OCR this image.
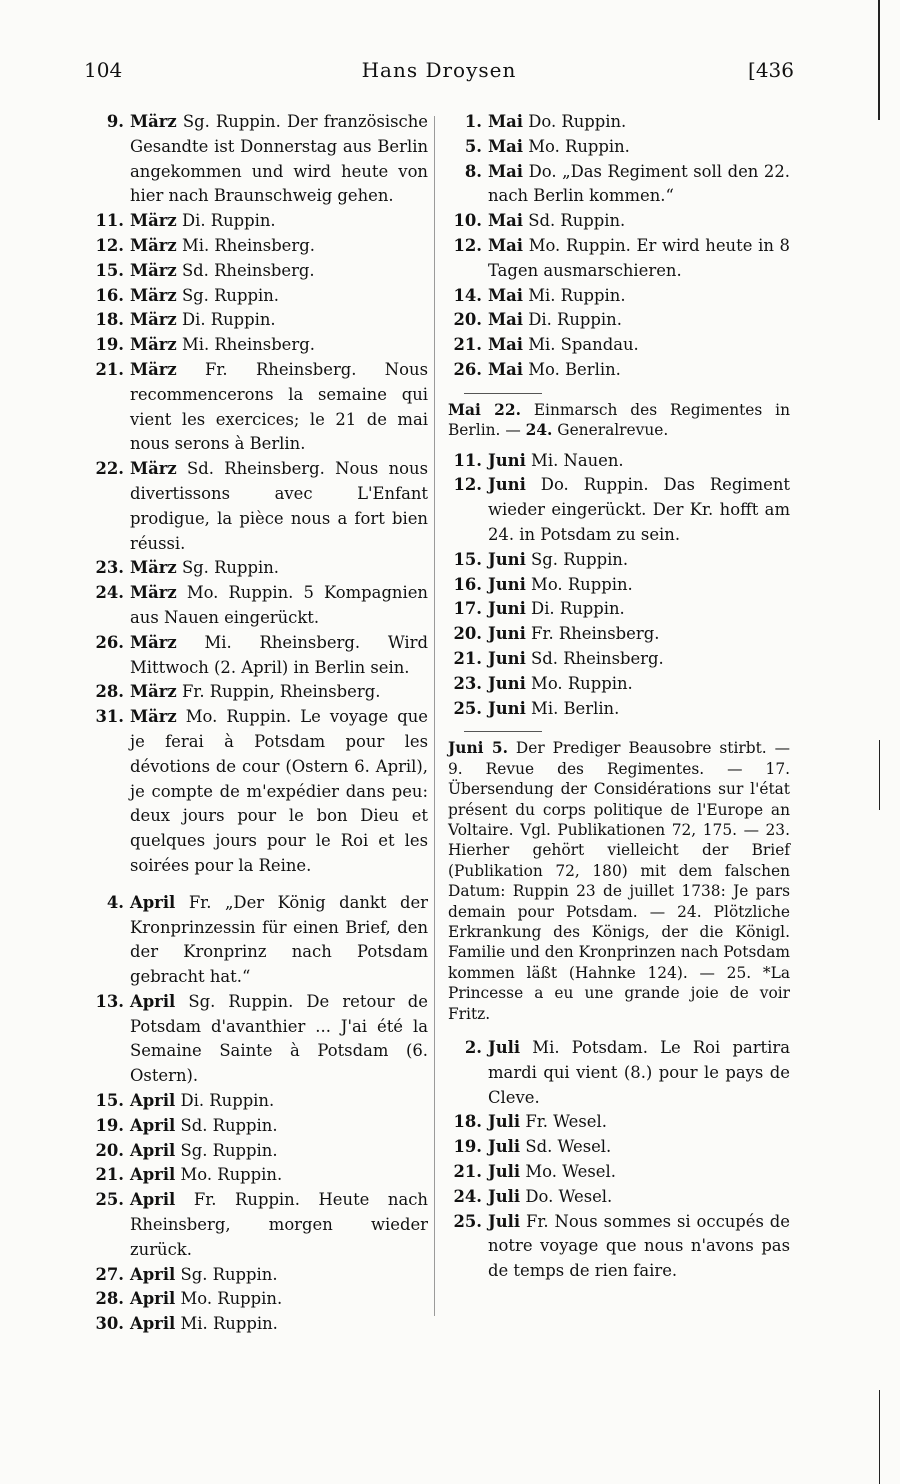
104	Hans Droysen	[436
9. März Sg. Ruppin. Der französische Gesandte ist Donnerstag aus Berlin angekommen und wird heute von hier nach Braunschweig gehen.
11. März Di. Ruppin.
12. März Mi. Rheinsberg.
15. März Sd. Rheinsberg.
16. März Sg. Ruppin.
18. März Di. Ruppin.
19. März Mi. Rheinsberg.
21. März Fr. Rheinsberg. Nous recommencerons la semaine qui vient les exercices; le 21 de mai nous serons à Berlin.
22. März Sd. Rheinsberg. Nous nous divertissons avec L'Enfant prodigue, la pièce nous a fort bien réussi.
23. März Sg. Ruppin.
24. März Mo. Ruppin. 5 Kompagnien aus Nauen eingerückt.
26. März Mi. Rheinsberg. Wird Mittwoch (2. April) in Berlin sein.
28. März Fr. Ruppin, Rheinsberg.
31. März Mo. Ruppin. Le voyage que je ferai à Potsdam pour les dévotions de cour (Ostern 6. April), je compte de m'expédier dans peu: deux jours pour le bon Dieu et quelques jours pour le Roi et les soirées pour la Reine.
4. April Fr. „Der König dankt der Kronprinzessin für einen Brief, den der Kronprinz nach Potsdam gebracht hat.“
13. April Sg. Ruppin. De retour de Potsdam d'avanthier ... J'ai été la Semaine Sainte à Potsdam (6. Ostern).
15. April Di. Ruppin.
19. April Sd. Ruppin.
20. April Sg. Ruppin.
21. April Mo. Ruppin.
25. April Fr. Ruppin. Heute nach Rheinsberg, morgen wieder zurück.
27. April Sg. Ruppin.
28. April Mo. Ruppin.
30. April Mi. Ruppin.
1. Mai Do. Ruppin.
5. Mai Mo. Ruppin.
8. Mai Do. „Das Regiment soll den 22. nach Berlin kommen.“
10. Mai Sd. Ruppin.
12. Mai Mo. Ruppin. Er wird heute in 8 Tagen ausmarschieren.
14. Mai Mi. Ruppin.
20. Mai Di. Ruppin.
21. Mai Mi. Spandau.
26. Mai Mo. Berlin.
Mai 22. Einmarsch des Regimentes in Berlin. — 24. Generalrevue.
11. Juni Mi. Nauen.
12. Juni Do. Ruppin. Das Regiment wieder eingerückt. Der Kr. hofft am 24. in Potsdam zu sein.
15. Juni Sg. Ruppin.
16. Juni Mo. Ruppin.
17. Juni Di. Ruppin.
20. Juni Fr. Rheinsberg.
21. Juni Sd. Rheinsberg.
23. Juni Mo. Ruppin.
25. Juni Mi. Berlin.
Juni 5. Der Prediger Beausobre stirbt. — 9. Revue des Regimentes. — 17. Übersendung der Considérations sur l'état présent du corps politique de l'Europe an Voltaire. Vgl. Publikationen 72, 175. — 23. Hierher gehört vielleicht der Brief (Publikation 72, 180) mit dem falschen Datum: Ruppin 23 de juillet 1738: Je pars demain pour Potsdam. — 24. Plötzliche Erkrankung des Königs, der die Königl. Familie und den Kronprinzen nach Potsdam kommen läßt (Hahnke 124). — 25. *La Princesse a eu une grande joie de voir Fritz.
2. Juli Mi. Potsdam. Le Roi partira mardi qui vient (8.) pour le pays de Cleve.
18. Juli Fr. Wesel.
19. Juli Sd. Wesel.
21. Juli Mo. Wesel.
24. Juli Do. Wesel.
25. Juli Fr. Nous sommes si occupés de notre voyage que nous n'avons pas de temps de rien faire.
